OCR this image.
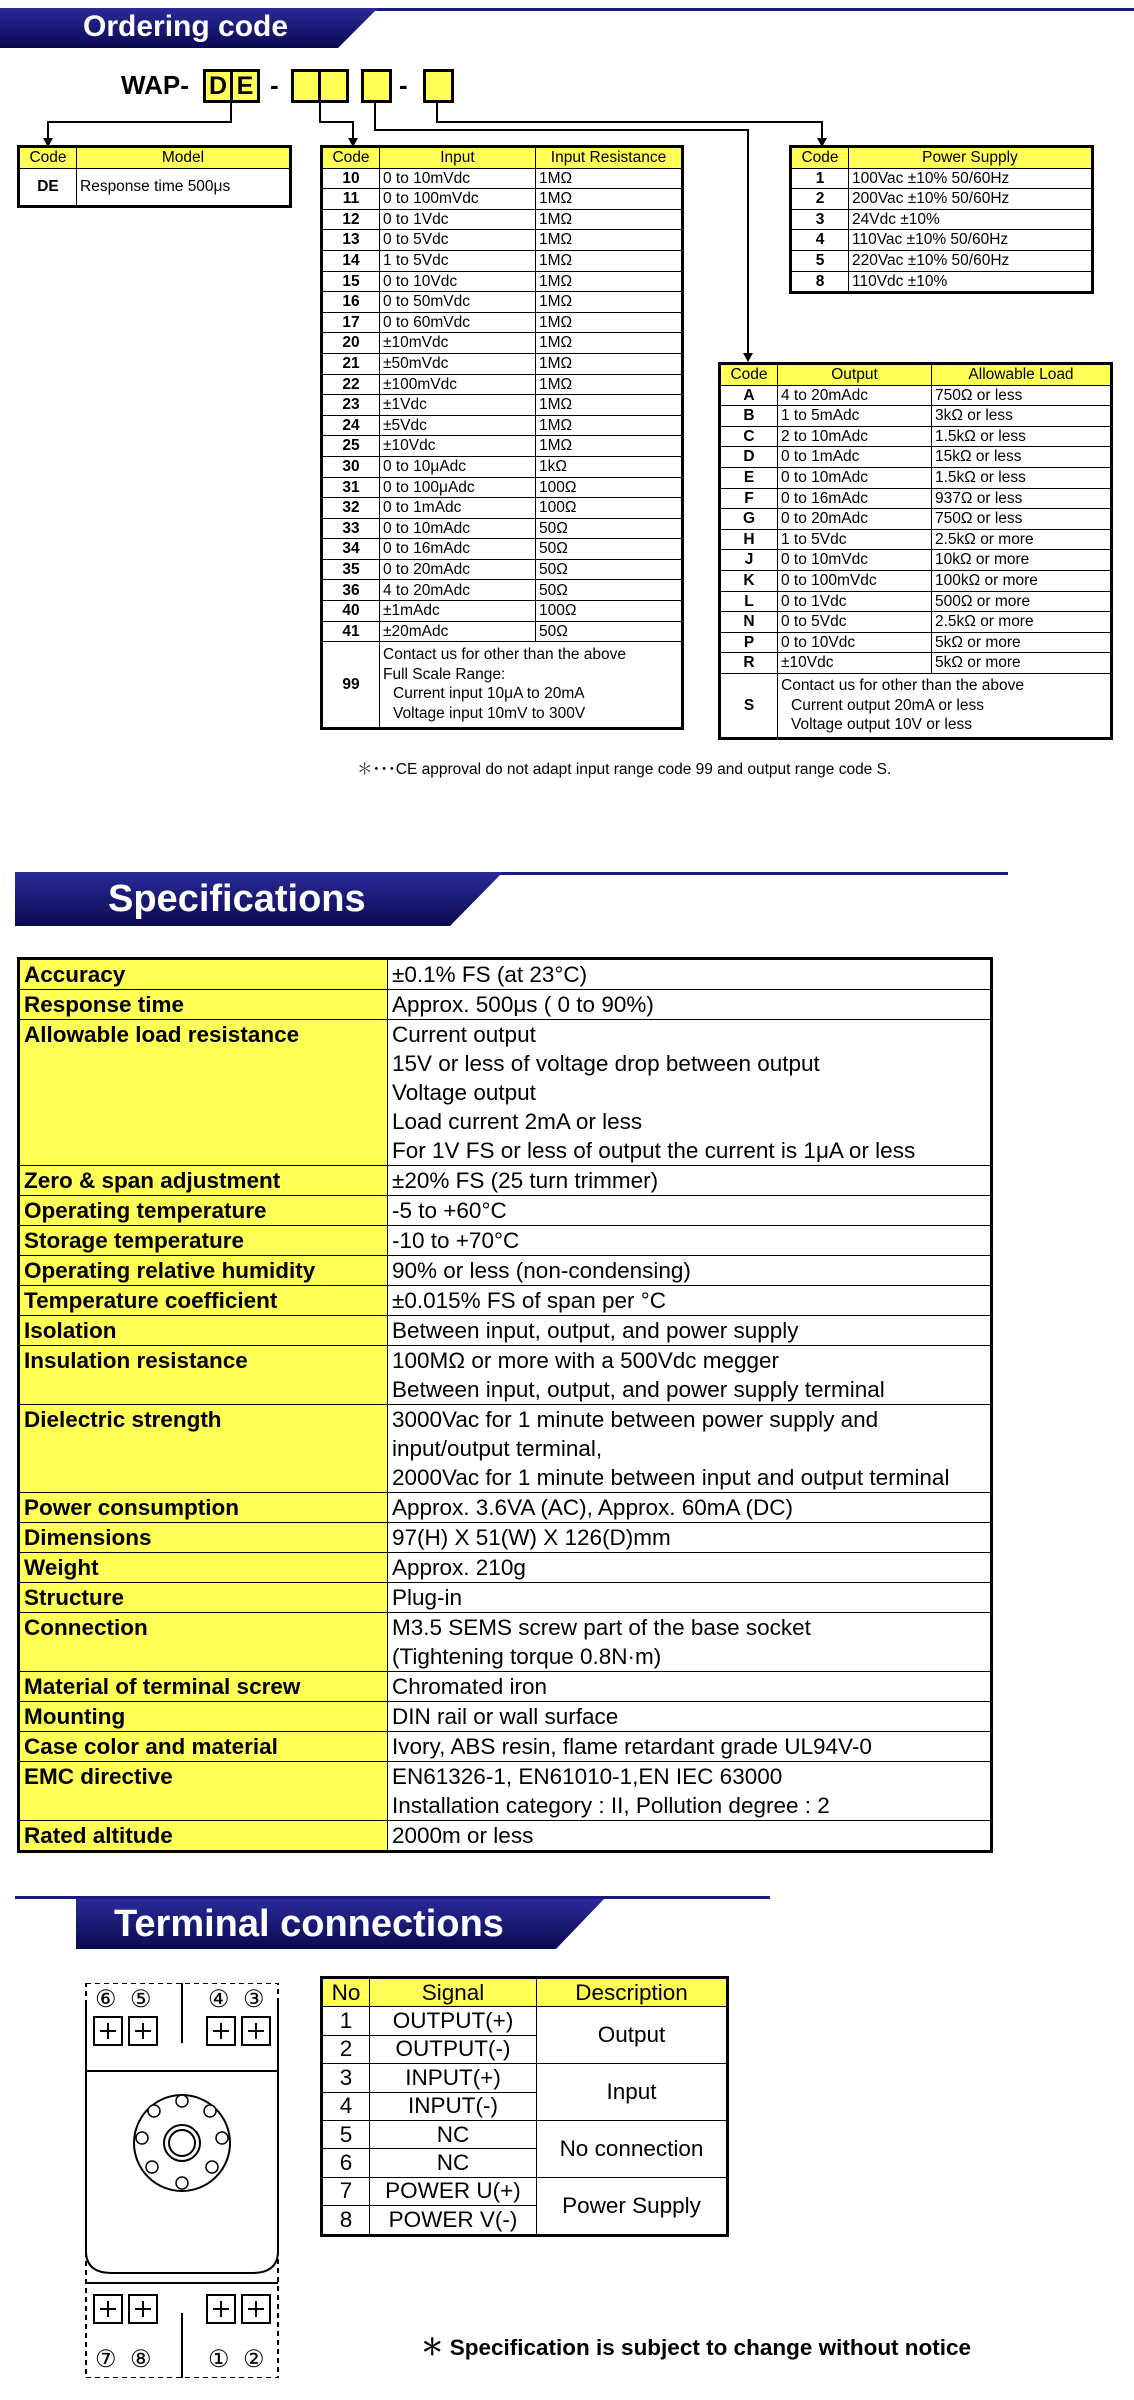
Ordering code
WAP- D E -	-
Code	Model
DE	Response time 500μs
Code	Input	Input Resistance
10	0 to 10mVdc	1MΩ
11	0 to 100mVdc	1MΩ
12	0 to 1Vdc	1MΩ
13	0 to 5Vdc	1MΩ
14	1 to 5Vdc	1MΩ
15	0 to 10Vdc	1MΩ
16	0 to 50mVdc	1MΩ
17	0 to 60mVdc	1MΩ
20	±10mVdc	1MΩ
21	±50mVdc	1MΩ
22	±100mVdc	1MΩ
23	±1Vdc	1MΩ
24	±5Vdc	1MΩ
25	±10Vdc	1MΩ
30	0 to 10μAdc	1kΩ
31	0 to 100μAdc	100Ω
32	0 to 1mAdc	100Ω
33	0 to 10mAdc	50Ω
34	0 to 16mAdc	50Ω
35	0 to 20mAdc	50Ω
36	4 to 20mAdc	50Ω
40	±1mAdc	100Ω
41	±20mAdc	50Ω
99	Contact us for other than the above
Full Scale Range:
Current input 10μA to 20mA
Voltage input 10mV to 300V	
Code	Power Supply
1	100Vac ±10% 50/60Hz
2	200Vac ±10% 50/60Hz
3	24Vdc ±10%
4	110Vac ±10% 50/60Hz
5	220Vac ±10% 50/60Hz
8	110Vdc ±10%
Code	Output	Allowable Load
A	4 to 20mAdc	750Ω or less
B	1 to 5mAdc	3kΩ or less
C	2 to 10mAdc	1.5kΩ or less
D	0 to 1mAdc	15kΩ or less
E	0 to 10mAdc	1.5kΩ or less
F	0 to 16mAdc	937Ω or less
G	0 to 20mAdc	750Ω or less
H	1 to 5Vdc	2.5kΩ or more
J	0 to 10mVdc	10kΩ or more
K	0 to 100mVdc	100kΩ or more
L	0 to 1Vdc	500Ω or more
N	0 to 5Vdc	2.5kΩ or more
P	0 to 10Vdc	5kΩ or more
R	±10Vdc	5kΩ or more
S	Contact us for other than the above
Current output 20mA or less
Voltage output 10V or less	
＊･･･CE approval do not adapt input range code 99 and output range code S.
Specifications
Accuracy	±0.1% FS (at 23°C)
Response time	Approx. 500μs ( 0 to 90%)
Allowable load resistance	Current output
15V or less of voltage drop between output
Voltage output
Load current 2mA or less
For 1V FS or less of output the current is 1μA or less
Zero & span adjustment	±20% FS (25 turn trimmer)
Operating temperature	-5 to +60°C
Storage temperature	-10 to +70°C
Operating relative humidity	90% or less (non-condensing)
Temperature coefficient	±0.015% FS of span per °C
Isolation	Between input, output, and power supply
Insulation resistance	100MΩ or more with a 500Vdc megger
Between input, output, and power supply terminal
Dielectric strength	3000Vac for 1 minute between power supply and
input/output terminal,
2000Vac for 1 minute between input and output terminal
Power consumption	Approx. 3.6VA (AC), Approx. 60mA (DC)
Dimensions	97(H) X 51(W) X 126(D)mm
Weight	Approx. 210g
Structure	Plug-in
Connection	M3.5 SEMS screw part of the base socket
(Tightening torque 0.8N·m)
Material of terminal screw	Chromated iron
Mounting	DIN rail or wall surface
Case color and material	Ivory, ABS resin, flame retardant grade UL94V-0
EMC directive	EN61326-1, EN61010-1,EN IEC 63000
Installation category : II, Pollution degree : 2
Rated altitude	2000m or less
Terminal connections
⑥ ⑤ ④ ③
⑦ ⑧ ① ②
No	Signal	Description
1	OUTPUT(+)	Output
2	OUTPUT(-)	
3	INPUT(+)	Input
4	INPUT(-)	
5	NC	No connection
6	NC	
7	POWER U(+)	Power Supply
8	POWER V(-)	
＊ Specification is subject to change without notice
